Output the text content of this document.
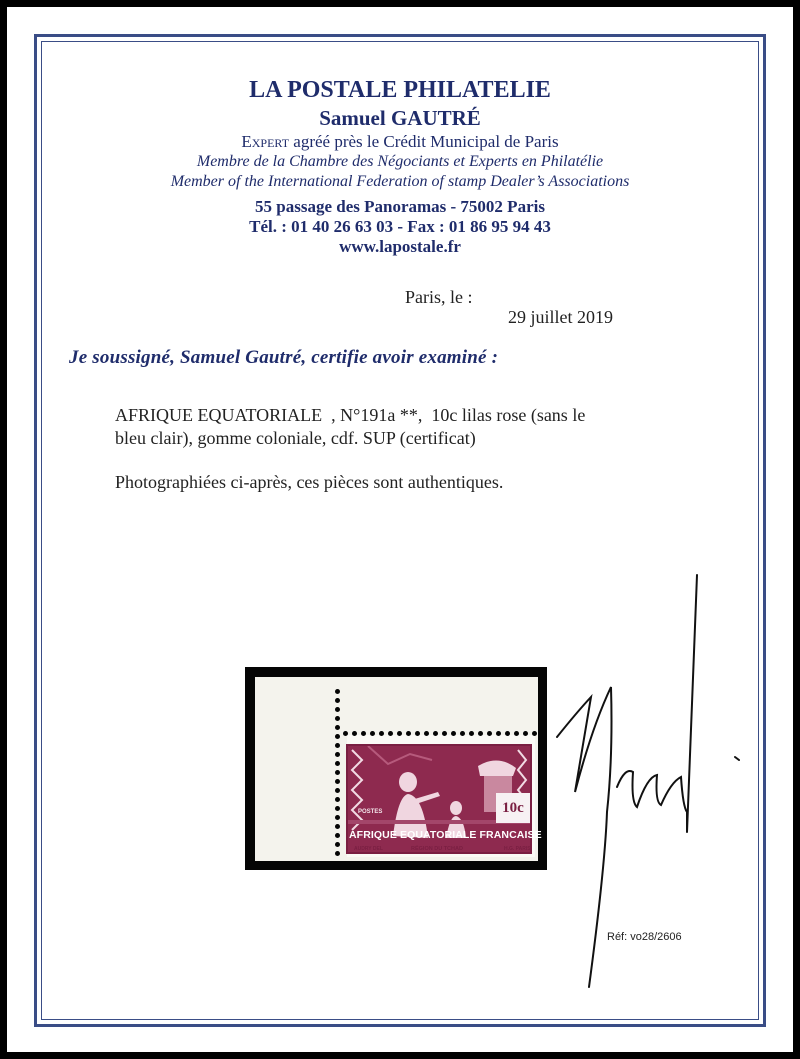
LA POSTALE PHILATELIE
Samuel GAUTRÉ
Expert agréé près le Crédit Municipal de Paris
Membre de la Chambre des Négociants et Experts en Philatélie
Member of the International Federation of stamp Dealer’s Associations
55 passage des Panoramas - 75002 Paris
Tél. : 01 40 26 63 03 - Fax : 01 86 95 94 43
www.lapostale.fr
Paris, le :
29 juillet 2019
Je soussigné, Samuel Gautré, certifie avoir examiné :
AFRIQUE EQUATORIALE  , N°191a **,  10c lilas rose (sans le
bleu clair), gomme coloniale, cdf. SUP (certificat)
Photographiées ci-après, ces pièces sont authentiques.
POSTES	10c
AFRIQUE EQUATORIALE FRANCAISE
AUDRY DEL	RÉGION DU TCHAD	H.G. PARIS
Réf: vo28/2606
